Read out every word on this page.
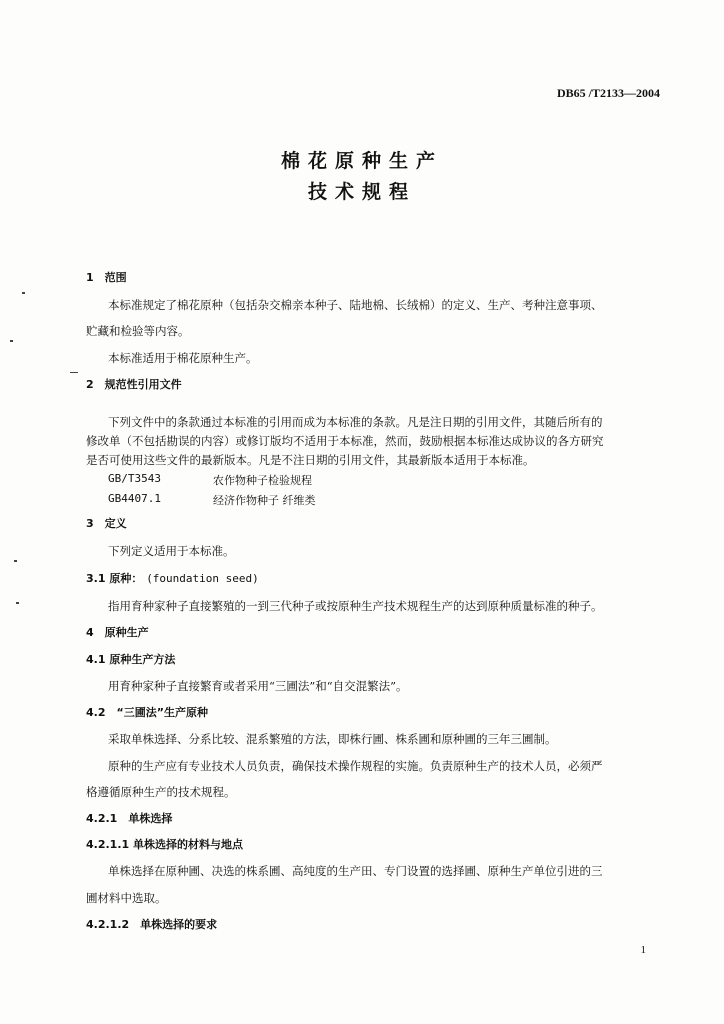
DB65 /T2133—2004
棉花原种生产
技术规程
1　范围
本标准规定了棉花原种（包括杂交棉亲本种子、陆地棉、长绒棉）的定义、生产、考种注意事项、
贮藏和检验等内容。
本标准适用于棉花原种生产。
2　规范性引用文件
下列文件中的条款通过本标准的引用而成为本标准的条款。凡是注日期的引用文件，其随后所有的
修改单（不包括勘误的内容）或修订版均不适用于本标准，然而，鼓励根据本标准达成协议的各方研究
是否可使用这些文件的最新版本。凡是不注日期的引用文件，其最新版本适用于本标准。
GB/T3543	农作物种子检验规程
GB4407.1	经济作物种子 纤维类
3　定义
下列定义适用于本标准。
3.1 原种： (foundation seed)
指用育种家种子直接繁殖的一到三代种子或按原种生产技术规程生产的达到原种质量标准的种子。
4　原种生产
4.1 原种生产方法
用育种家种子直接繁育或者采用“三圃法”和“自交混繁法”。
4.2　“三圃法”生产原种
采取单株选择、分系比较、混系繁殖的方法，即株行圃、株系圃和原种圃的三年三圃制。
原种的生产应有专业技术人员负责，确保技术操作规程的实施。负责原种生产的技术人员，必须严
格遵循原种生产的技术规程。
4.2.1　单株选择
4.2.1.1 单株选择的材料与地点
单株选择在原种圃、决选的株系圃、高纯度的生产田、专门设置的选择圃、原种生产单位引进的三
圃材料中选取。
4.2.1.2　单株选择的要求
1
